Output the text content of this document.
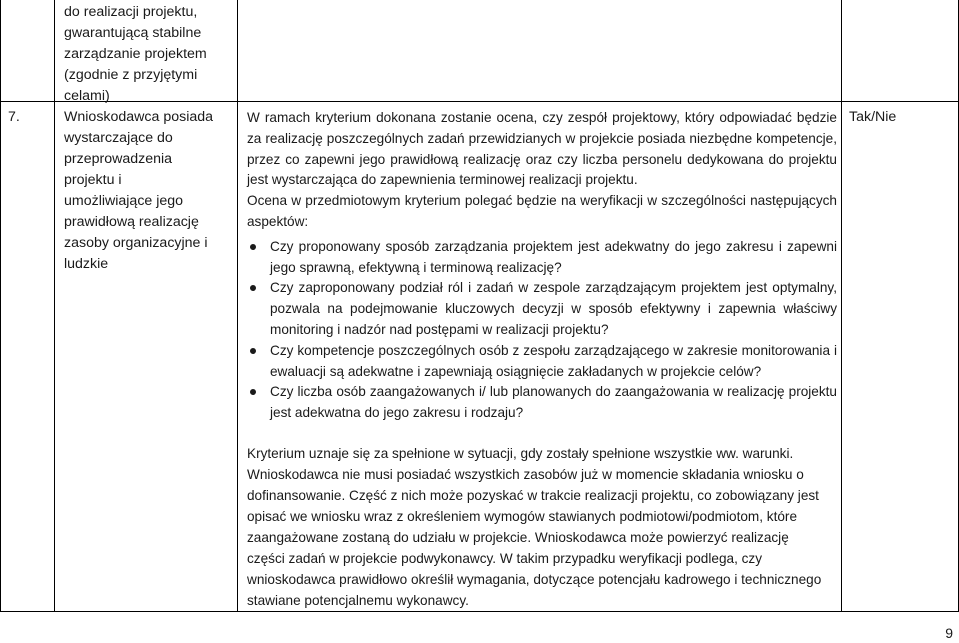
do realizacji projektu,
gwarantującą stabilne
zarządzanie projektem
(zgodnie z przyjętymi
celami)
7.	Wnioskodawca posiada
wystarczające do
przeprowadzenia projektu i
umożliwiające jego
prawidłową realizację
zasoby organizacyjne i
ludzkie

W ramach kryterium dokonana zostanie ocena, czy zespół projektowy, który odpowiadać będzie za realizację poszczególnych zadań przewidzianych w projekcie posiada niezbędne kompetencje, przez co zapewni jego prawidłową realizację oraz czy liczba personelu dedykowana do projektu jest wystarczająca do zapewnienia terminowej realizacji projektu.

Ocena w przedmiotowym kryterium polegać będzie na weryfikacji w szczególności następujących aspektów:

Czy proponowany sposób zarządzania projektem jest adekwatny do jego zakresu i zapewni jego sprawną, efektywną i terminową realizację?
Czy zaproponowany podział ról i zadań w zespole zarządzającym projektem jest optymalny, pozwala na podejmowanie kluczowych decyzji w sposób efektywny i zapewnia właściwy monitoring i nadzór nad postępami w realizacji projektu?
Czy kompetencje poszczególnych osób z zespołu zarządzającego w zakresie monitorowania i ewaluacji są adekwatne i zapewniają osiągnięcie zakładanych w projekcie celów?
Czy liczba osób zaangażowanych i/ lub planowanych do zaangażowania w realizację projektu jest adekwatna do jego zakresu i rodzaju?

Kryterium uznaje się za spełnione w sytuacji, gdy zostały spełnione wszystkie ww. warunki. Wnioskodawca nie musi posiadać wszystkich zasobów już w momencie składania wniosku o dofinansowanie. Część z nich może pozyskać w trakcie realizacji projektu, co zobowiązany jest opisać we wniosku wraz z określeniem wymogów stawianych podmiotowi/podmiotom, które zaangażowane zostaną do udziału w projekcie. Wnioskodawca może powierzyć realizację części zadań w projekcie podwykonawcy. W takim przypadku weryfikacji podlega, czy wnioskodawca prawidłowo określił wymagania, dotyczące potencjału kadrowego i technicznego stawiane potencjalnemu wykonawcy.

Tak/Nie
9
